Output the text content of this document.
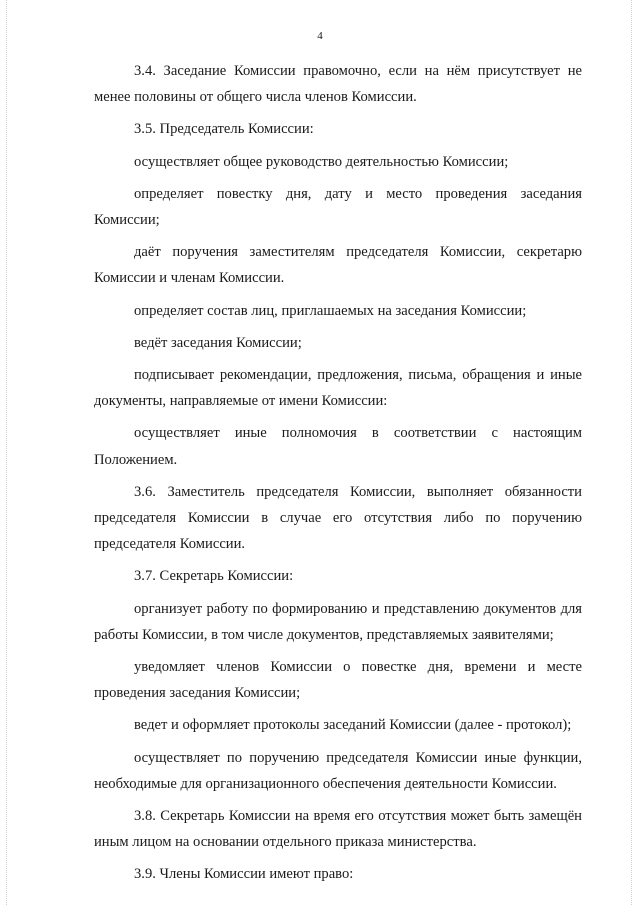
4

3.4. Заседание Комиссии правомочно, если на нём присутствует не менее половины от общего числа членов Комиссии.

3.5. Председатель Комиссии:

осуществляет общее руководство деятельностью Комиссии;

определяет повестку дня, дату и место проведения заседания Комиссии;

даёт поручения заместителям председателя Комиссии, секретарю Комиссии и членам Комиссии.

определяет состав лиц, приглашаемых на заседания Комиссии;

ведёт заседания Комиссии;

подписывает рекомендации, предложения, письма, обращения и иные документы, направляемые от имени Комиссии:

осуществляет иные полномочия в соответствии с настоящим Положением.

3.6. Заместитель председателя Комиссии, выполняет обязанности председателя Комиссии в случае его отсутствия либо по поручению председателя Комиссии.

3.7. Секретарь Комиссии:

организует работу по формированию и представлению документов для работы Комиссии, в том числе документов, представляемых заявителями;

уведомляет членов Комиссии о повестке дня, времени и месте проведения заседания Комиссии;

ведет и оформляет протоколы заседаний Комиссии (далее - протокол);

осуществляет по поручению председателя Комиссии иные функции, необходимые для организационного обеспечения деятельности Комиссии.

3.8. Секретарь Комиссии на время его отсутствия может быть замещён иным лицом на основании отдельного приказа министерства.

3.9. Члены Комиссии имеют право:
